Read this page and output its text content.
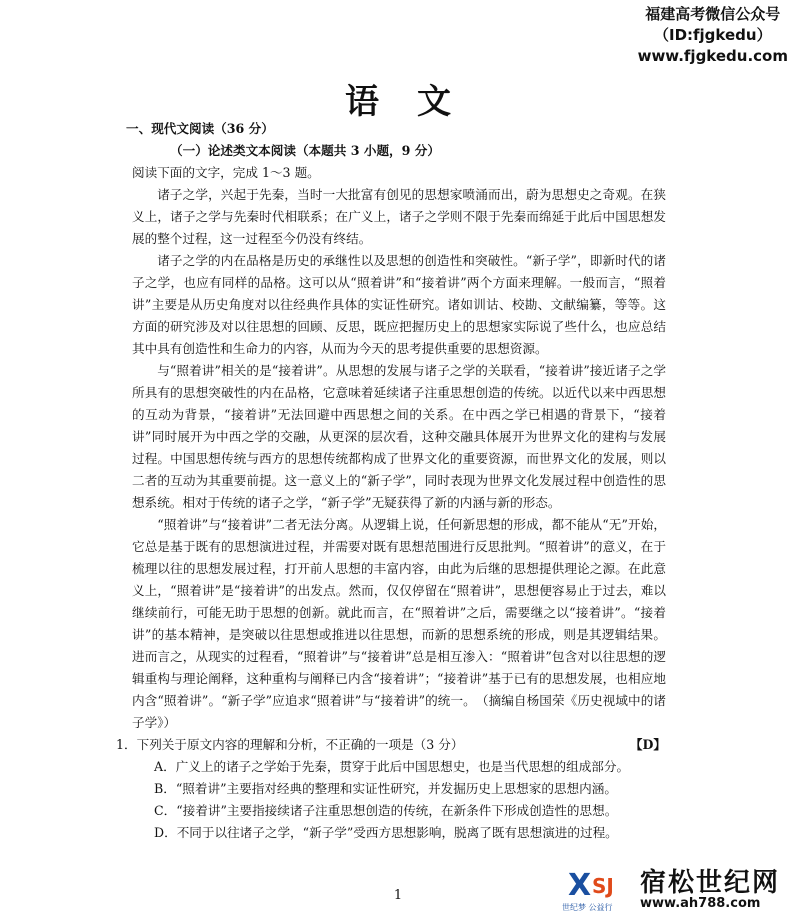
福建高考微信公众号
（ID:fjgkedu）
www.fjgkedu.com
语文
一、现代文阅读（36 分）
（一）论述类文本阅读（本题共 3 小题，9 分）
阅读下面的文字，完成 1～3 题。

诸子之学，兴起于先秦，当时一大批富有创见的思想家喷涌而出，蔚为思想史之奇观。在狭义上，诸子之学与先秦时代相联系；在广义上，诸子之学则不限于先秦而绵延于此后中国思想发展的整个过程，这一过程至今仍没有终结。

诸子之学的内在品格是历史的承继性以及思想的创造性和突破性。“新子学”，即新时代的诸子之学，也应有同样的品格。这可以从“照着讲”和“接着讲”两个方面来理解。一般而言，“照着讲”主要是从历史角度对以往经典作具体的实证性研究。诸如训诂、校勘、文献编纂，等等。这方面的研究涉及对以往思想的回顾、反思，既应把握历史上的思想家实际说了些什么，也应总结其中具有创造性和生命力的内容，从而为今天的思考提供重要的思想资源。

与“照着讲”相关的是“接着讲”。从思想的发展与诸子之学的关联看，“接着讲”接近诸子之学所具有的思想突破性的内在品格，它意味着延续诸子注重思想创造的传统。以近代以来中西思想的互动为背景，“接着讲”无法回避中西思想之间的关系。在中西之学已相遇的背景下，“接着讲”同时展开为中西之学的交融，从更深的层次看，这种交融具体展开为世界文化的建构与发展过程。中国思想传统与西方的思想传统都构成了世界文化的重要资源，而世界文化的发展，则以二者的互动为其重要前提。这一意义上的“新子学”，同时表现为世界文化发展过程中创造性的思想系统。相对于传统的诸子之学，“新子学”无疑获得了新的内涵与新的形态。

“照着讲”与“接着讲”二者无法分离。从逻辑上说，任何新思想的形成，都不能从“无”开始，它总是基于既有的思想演进过程，并需要对既有思想范围进行反思批判。“照着讲”的意义，在于梳理以往的思想发展过程，打开前人思想的丰富内容，由此为后继的思想提供理论之源。在此意义上，“照着讲”是“接着讲”的出发点。然而，仅仅停留在“照着讲”，思想便容易止于过去，难以继续前行，可能无助于思想的创新。就此而言，在“照着讲”之后，需要继之以“接着讲”。“接着讲”的基本精神，是突破以往思想或推进以往思想，而新的思想系统的形成，则是其逻辑结果。进而言之，从现实的过程看，“照着讲”与“接着讲”总是相互渗入：“照着讲”包含对以往思想的逻辑重构与理论阐释，这种重构与阐释已内含“接着讲”；“接着讲”基于已有的思想发展，也相应地内含“照着讲”。“新子学”应追求“照着讲”与“接着讲”的统一。　（摘编自杨国荣《历史视域中的诸子学》）

1．下列关于原文内容的理解和分析，不正确的一项是（3 分）	【D】
A．广义上的诸子之学始于先秦，贯穿于此后中国思想史，也是当代思想的组成部分。
B．“照着讲”主要指对经典的整理和实证性研究，并发掘历史上思想家的思想内涵。
C．“接着讲”主要指接续诸子注重思想创造的传统，在新条件下形成创造性的思想。
D．不同于以往诸子之学，“新子学”受西方思想影响，脱离了既有思想演进的过程。
1	X SJ
世纪梦 公益行
宿松世纪网
www.ah788.com
